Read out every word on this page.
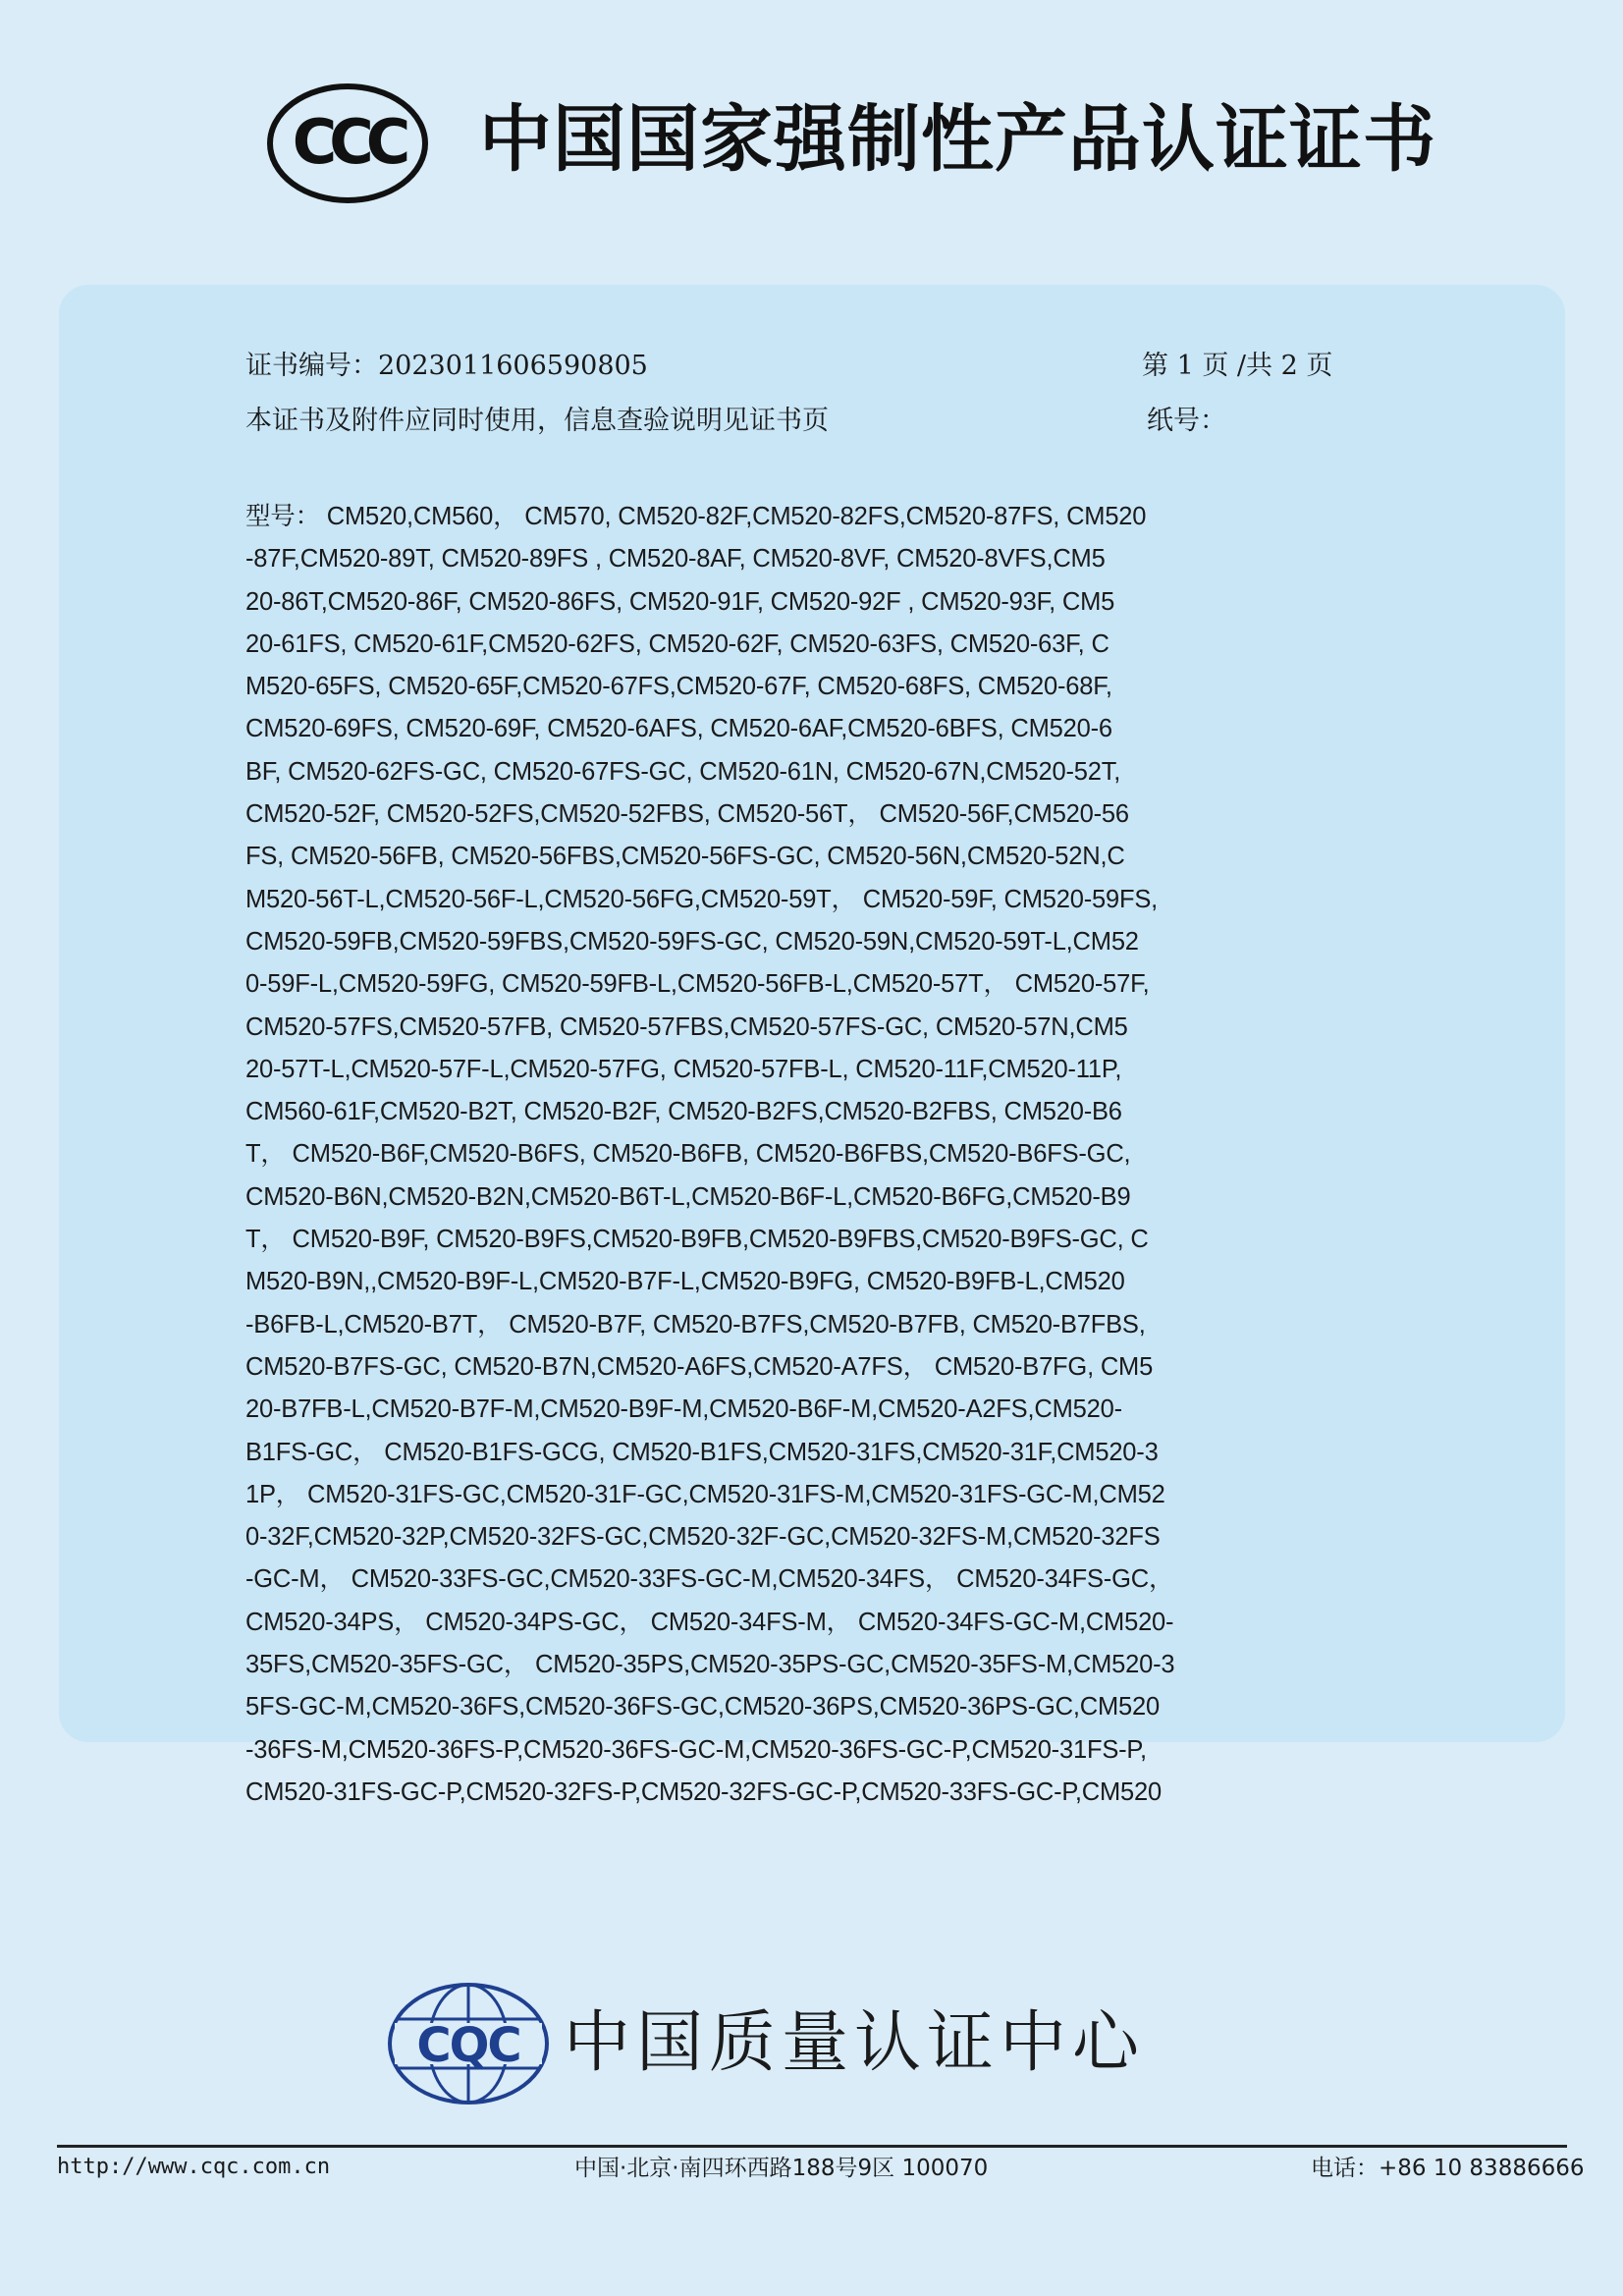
CCC 中国国家强制性产品认证证书
证书编号：2023011606590805	第 1 页 /共 2 页
本证书及附件应同时使用，信息查验说明见证书页	纸号：
型号： CM520,CM560， CM570, CM520-82F,CM520-82FS,CM520-87FS, CM520
-87F,CM520-89T, CM520-89FS , CM520-8AF, CM520-8VF, CM520-8VFS,CM5
20-86T,CM520-86F, CM520-86FS, CM520-91F, CM520-92F , CM520-93F, CM5
20-61FS, CM520-61F,CM520-62FS, CM520-62F, CM520-63FS, CM520-63F, C
M520-65FS, CM520-65F,CM520-67FS,CM520-67F, CM520-68FS, CM520-68F,
CM520-69FS, CM520-69F, CM520-6AFS, CM520-6AF,CM520-6BFS, CM520-6
BF, CM520-62FS-GC, CM520-67FS-GC, CM520-61N, CM520-67N,CM520-52T,
CM520-52F, CM520-52FS,CM520-52FBS, CM520-56T， CM520-56F,CM520-56
FS, CM520-56FB, CM520-56FBS,CM520-56FS-GC, CM520-56N,CM520-52N,C
M520-56T-L,CM520-56F-L,CM520-56FG,CM520-59T， CM520-59F, CM520-59FS,
CM520-59FB,CM520-59FBS,CM520-59FS-GC, CM520-59N,CM520-59T-L,CM52
0-59F-L,CM520-59FG, CM520-59FB-L,CM520-56FB-L,CM520-57T， CM520-57F,
CM520-57FS,CM520-57FB, CM520-57FBS,CM520-57FS-GC, CM520-57N,CM5
20-57T-L,CM520-57F-L,CM520-57FG, CM520-57FB-L, CM520-11F,CM520-11P,
CM560-61F,CM520-B2T, CM520-B2F, CM520-B2FS,CM520-B2FBS, CM520-B6
T， CM520-B6F,CM520-B6FS, CM520-B6FB, CM520-B6FBS,CM520-B6FS-GC,
CM520-B6N,CM520-B2N,CM520-B6T-L,CM520-B6F-L,CM520-B6FG,CM520-B9
T， CM520-B9F, CM520-B9FS,CM520-B9FB,CM520-B9FBS,CM520-B9FS-GC, C
M520-B9N,,CM520-B9F-L,CM520-B7F-L,CM520-B9FG, CM520-B9FB-L,CM520
-B6FB-L,CM520-B7T， CM520-B7F, CM520-B7FS,CM520-B7FB, CM520-B7FBS,
CM520-B7FS-GC, CM520-B7N,CM520-A6FS,CM520-A7FS， CM520-B7FG, CM5
20-B7FB-L,CM520-B7F-M,CM520-B9F-M,CM520-B6F-M,CM520-A2FS,CM520-
B1FS-GC， CM520-B1FS-GCG, CM520-B1FS,CM520-31FS,CM520-31F,CM520-3
1P， CM520-31FS-GC,CM520-31F-GC,CM520-31FS-M,CM520-31FS-GC-M,CM52
0-32F,CM520-32P,CM520-32FS-GC,CM520-32F-GC,CM520-32FS-M,CM520-32FS
-GC-M， CM520-33FS-GC,CM520-33FS-GC-M,CM520-34FS， CM520-34FS-GC，
CM520-34PS， CM520-34PS-GC， CM520-34FS-M， CM520-34FS-GC-M,CM520-
35FS,CM520-35FS-GC， CM520-35PS,CM520-35PS-GC,CM520-35FS-M,CM520-3
5FS-GC-M,CM520-36FS,CM520-36FS-GC,CM520-36PS,CM520-36PS-GC,CM520
-36FS-M,CM520-36FS-P,CM520-36FS-GC-M,CM520-36FS-GC-P,CM520-31FS-P,
CM520-31FS-GC-P,CM520-32FS-P,CM520-32FS-GC-P,CM520-33FS-GC-P,CM520
CQC 中国质量认证中心
http://www.cqc.com.cn	中国·北京·南四环西路188号9区 100070	电话：+86 10 83886666
